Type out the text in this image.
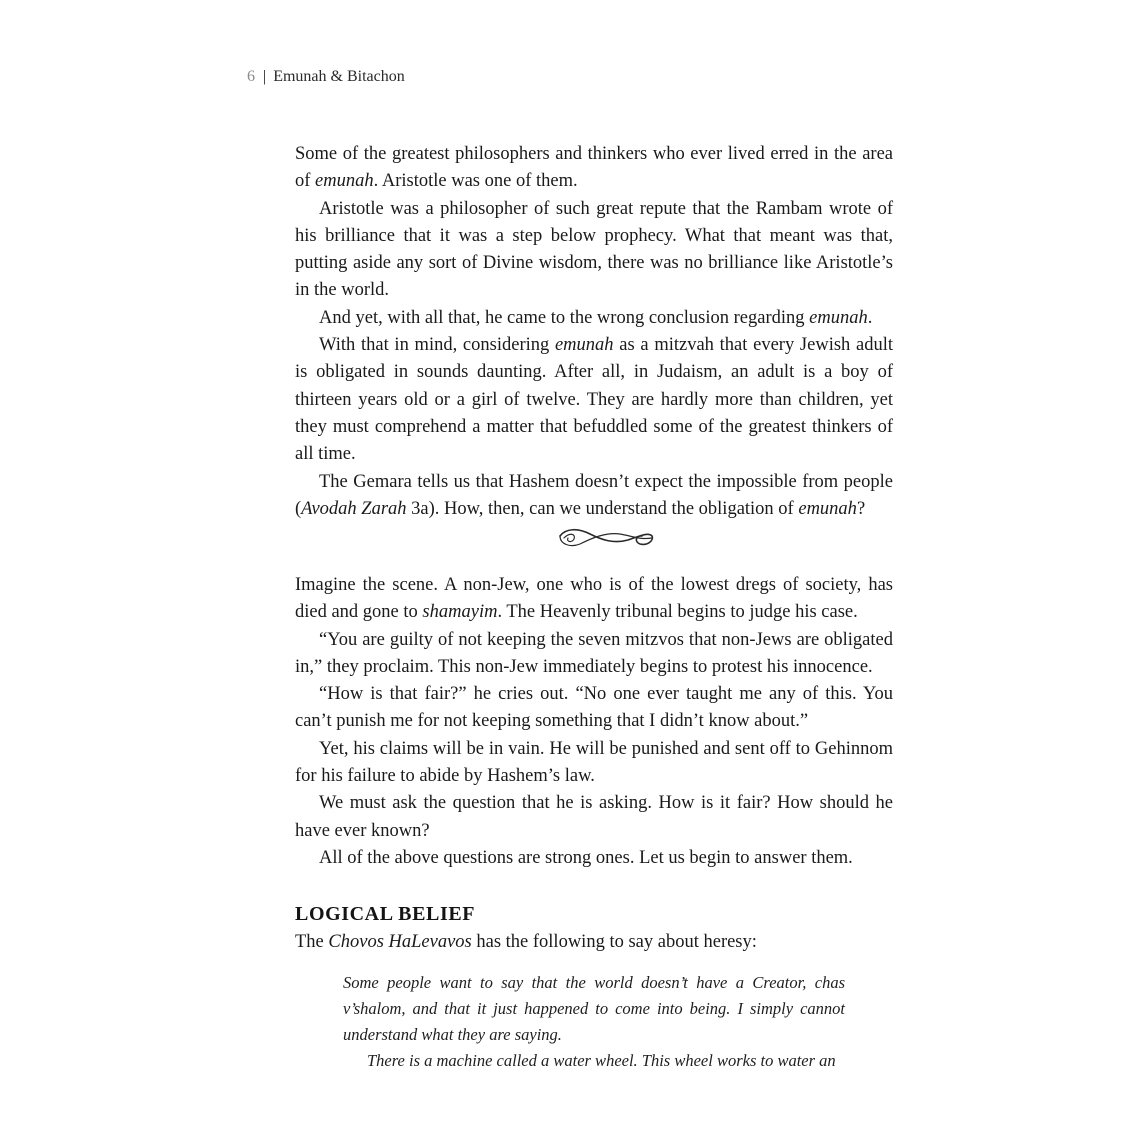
6 | Emunah & Bitachon

Some of the greatest philosophers and thinkers who ever lived erred in the area of emunah. Aristotle was one of them.

Aristotle was a philosopher of such great repute that the Rambam wrote of his brilliance that it was a step below prophecy. What that meant was that, putting aside any sort of Divine wisdom, there was no brilliance like Aristotle’s in the world.

And yet, with all that, he came to the wrong conclusion regarding emunah.

With that in mind, considering emunah as a mitzvah that every Jewish adult is obligated in sounds daunting. After all, in Judaism, an adult is a boy of thirteen years old or a girl of twelve. They are hardly more than children, yet they must comprehend a matter that befuddled some of the greatest thinkers of all time.

The Gemara tells us that Hashem doesn’t expect the impossible from people (Avodah Zarah 3a). How, then, can we understand the obligation of emunah?

Imagine the scene. A non-Jew, one who is of the lowest dregs of society, has died and gone to shamayim. The Heavenly tribunal begins to judge his case.

“You are guilty of not keeping the seven mitzvos that non-Jews are obligated in,” they proclaim. This non-Jew immediately begins to protest his innocence.

“How is that fair?” he cries out. “No one ever taught me any of this. You can’t punish me for not keeping something that I didn’t know about.”

Yet, his claims will be in vain. He will be punished and sent off to Gehinnom for his failure to abide by Hashem’s law.

We must ask the question that he is asking. How is it fair? How should he have ever known?

All of the above questions are strong ones. Let us begin to answer them.

LOGICAL BELIEF

The Chovos HaLevavos has the following to say about heresy:

Some people want to say that the world doesn’t have a Creator, chas v’shalom, and that it just happened to come into being. I simply cannot understand what they are saying.

There is a machine called a water wheel. This wheel works to water an
